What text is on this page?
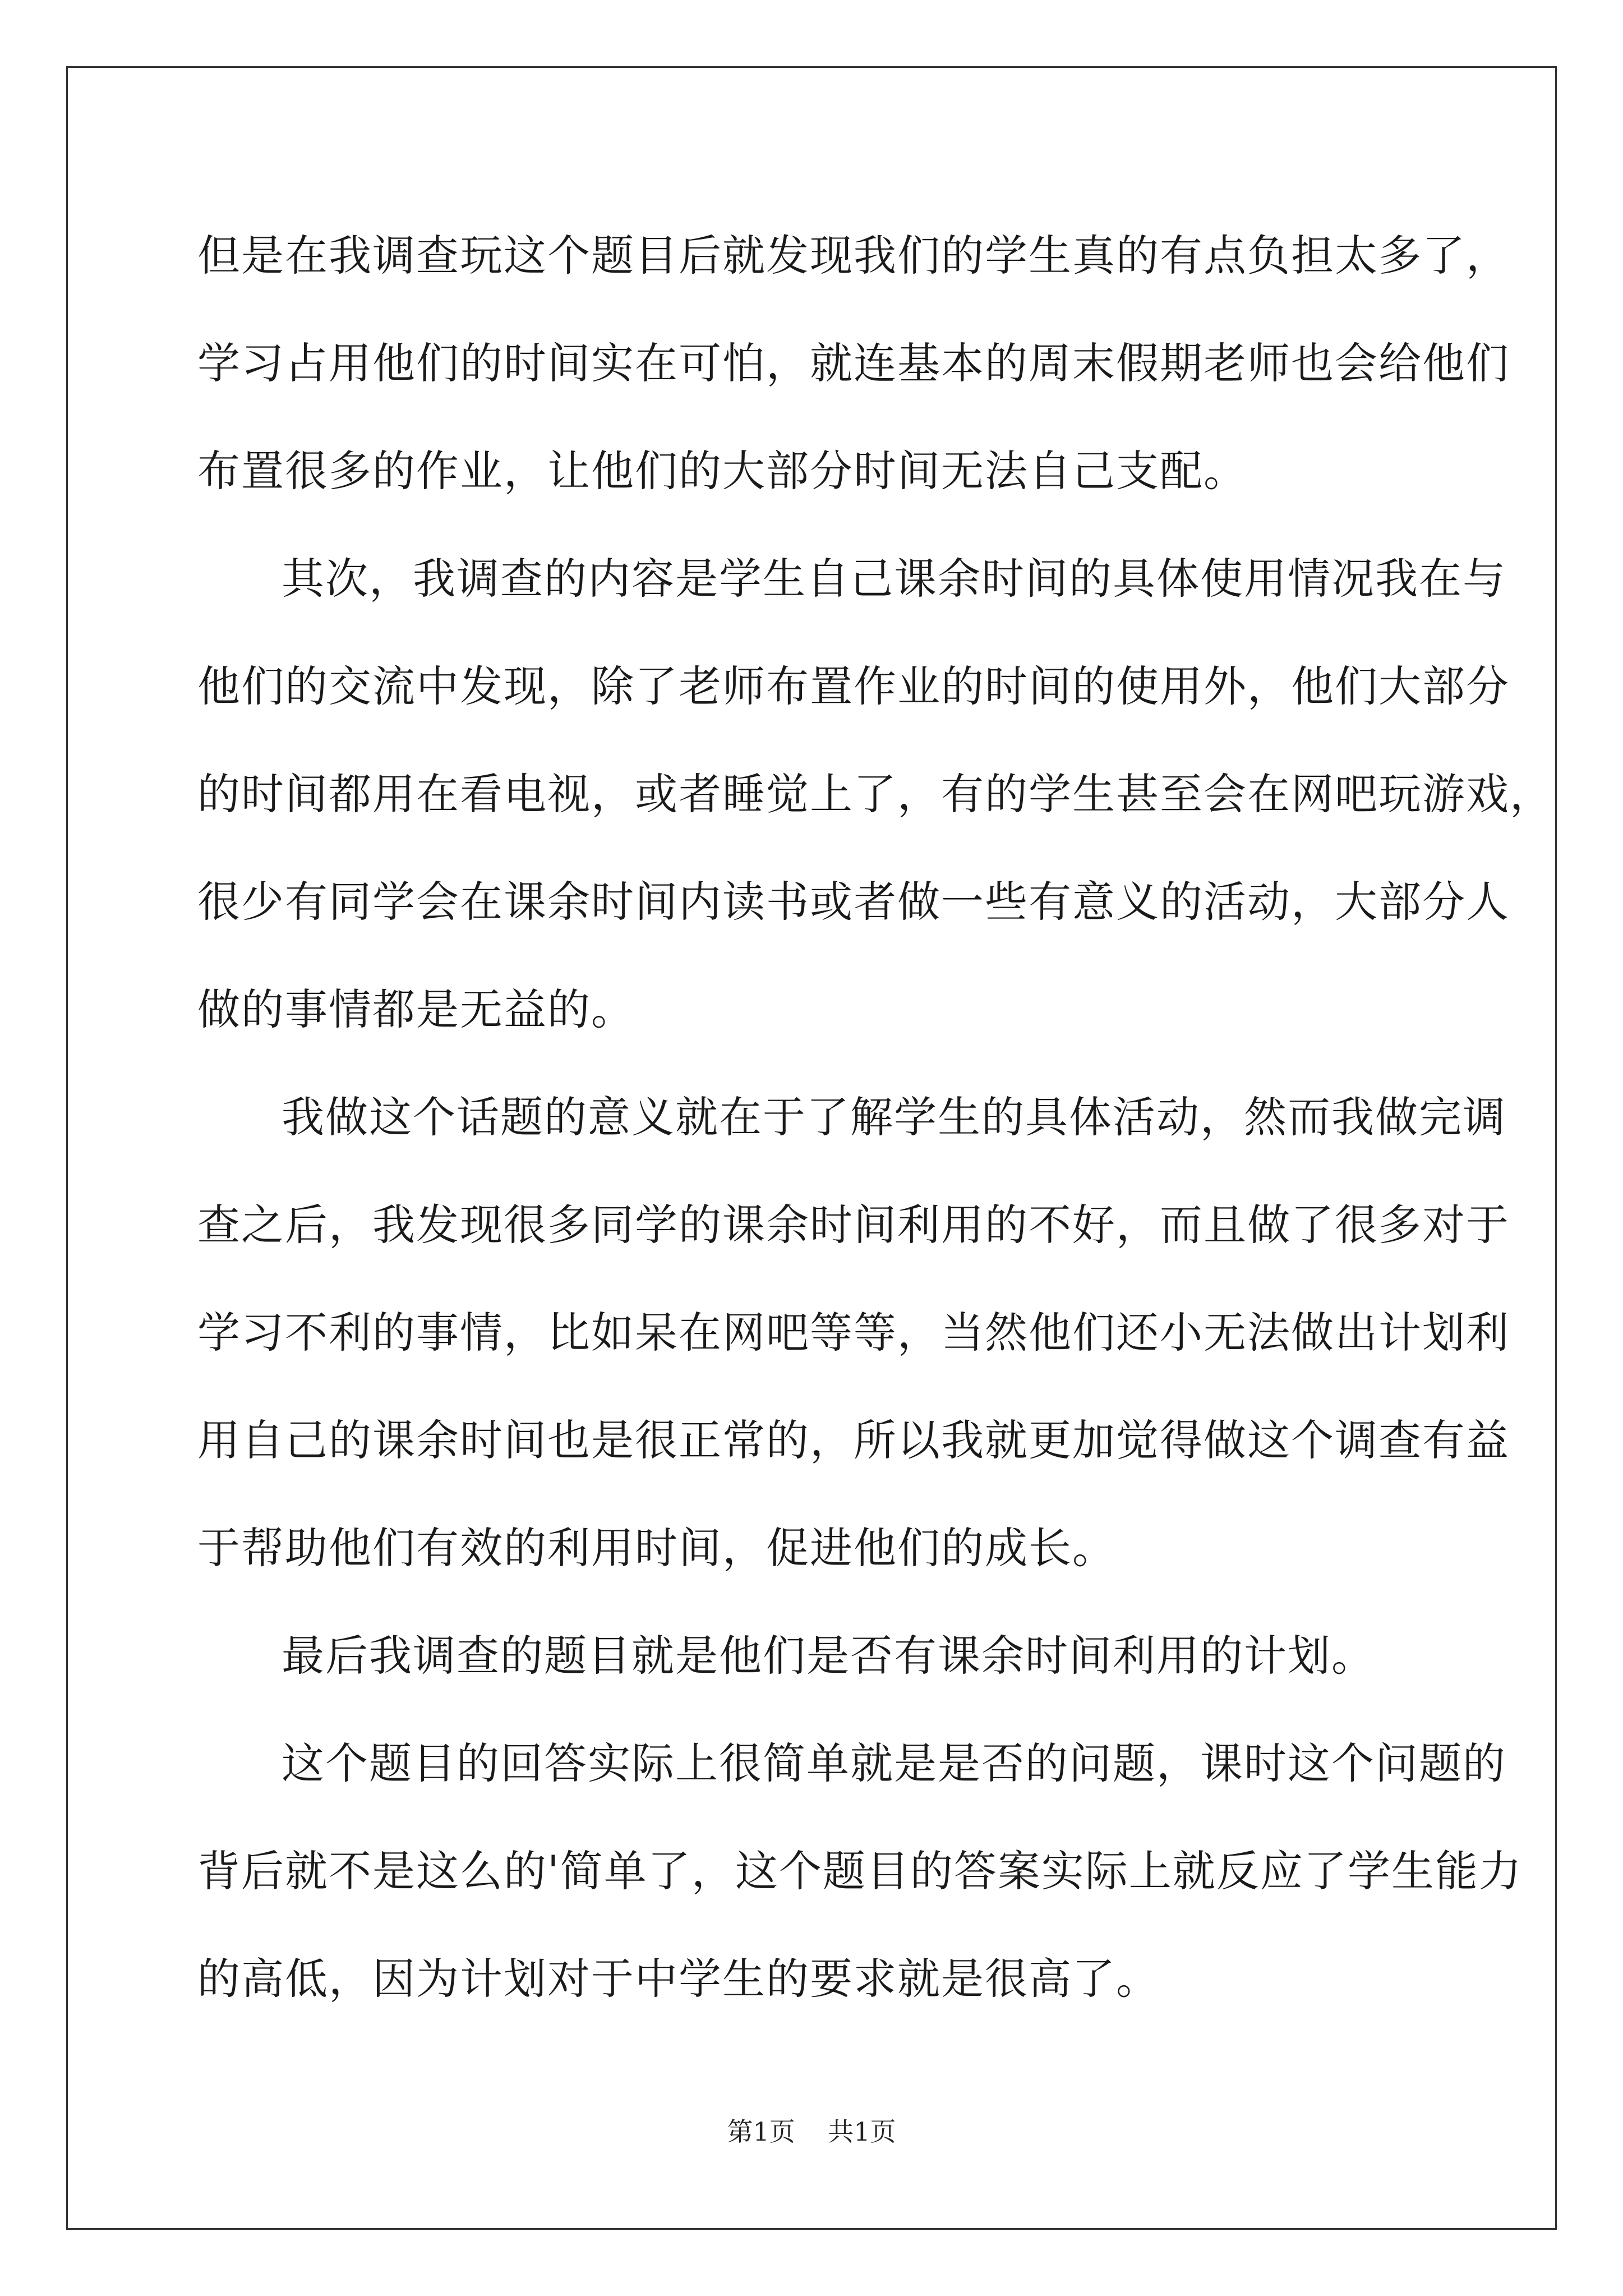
但是在我调查玩这个题目后就发现我们的学生真的有点负担太多了，
学习占用他们的时间实在可怕，就连基本的周末假期老师也会给他们
布置很多的作业，让他们的大部分时间无法自己支配。
其次，我调查的内容是学生自己课余时间的具体使用情况我在与
他们的交流中发现，除了老师布置作业的时间的使用外，他们大部分
的时间都用在看电视，或者睡觉上了，有的学生甚至会在网吧玩游戏，
很少有同学会在课余时间内读书或者做一些有意义的活动，大部分人
做的事情都是无益的。
我做这个话题的意义就在于了解学生的具体活动，然而我做完调
查之后，我发现很多同学的课余时间利用的不好，而且做了很多对于
学习不利的事情，比如呆在网吧等等，当然他们还小无法做出计划利
用自己的课余时间也是很正常的，所以我就更加觉得做这个调查有益
于帮助他们有效的利用时间，促进他们的成长。
最后我调查的题目就是他们是否有课余时间利用的计划。
这个题目的回答实际上很简单就是是否的问题，课时这个问题的
背后就不是这么的'简单了，这个题目的答案实际上就反应了学生能力
的高低，因为计划对于中学生的要求就是很高了。
第1页 共1页
